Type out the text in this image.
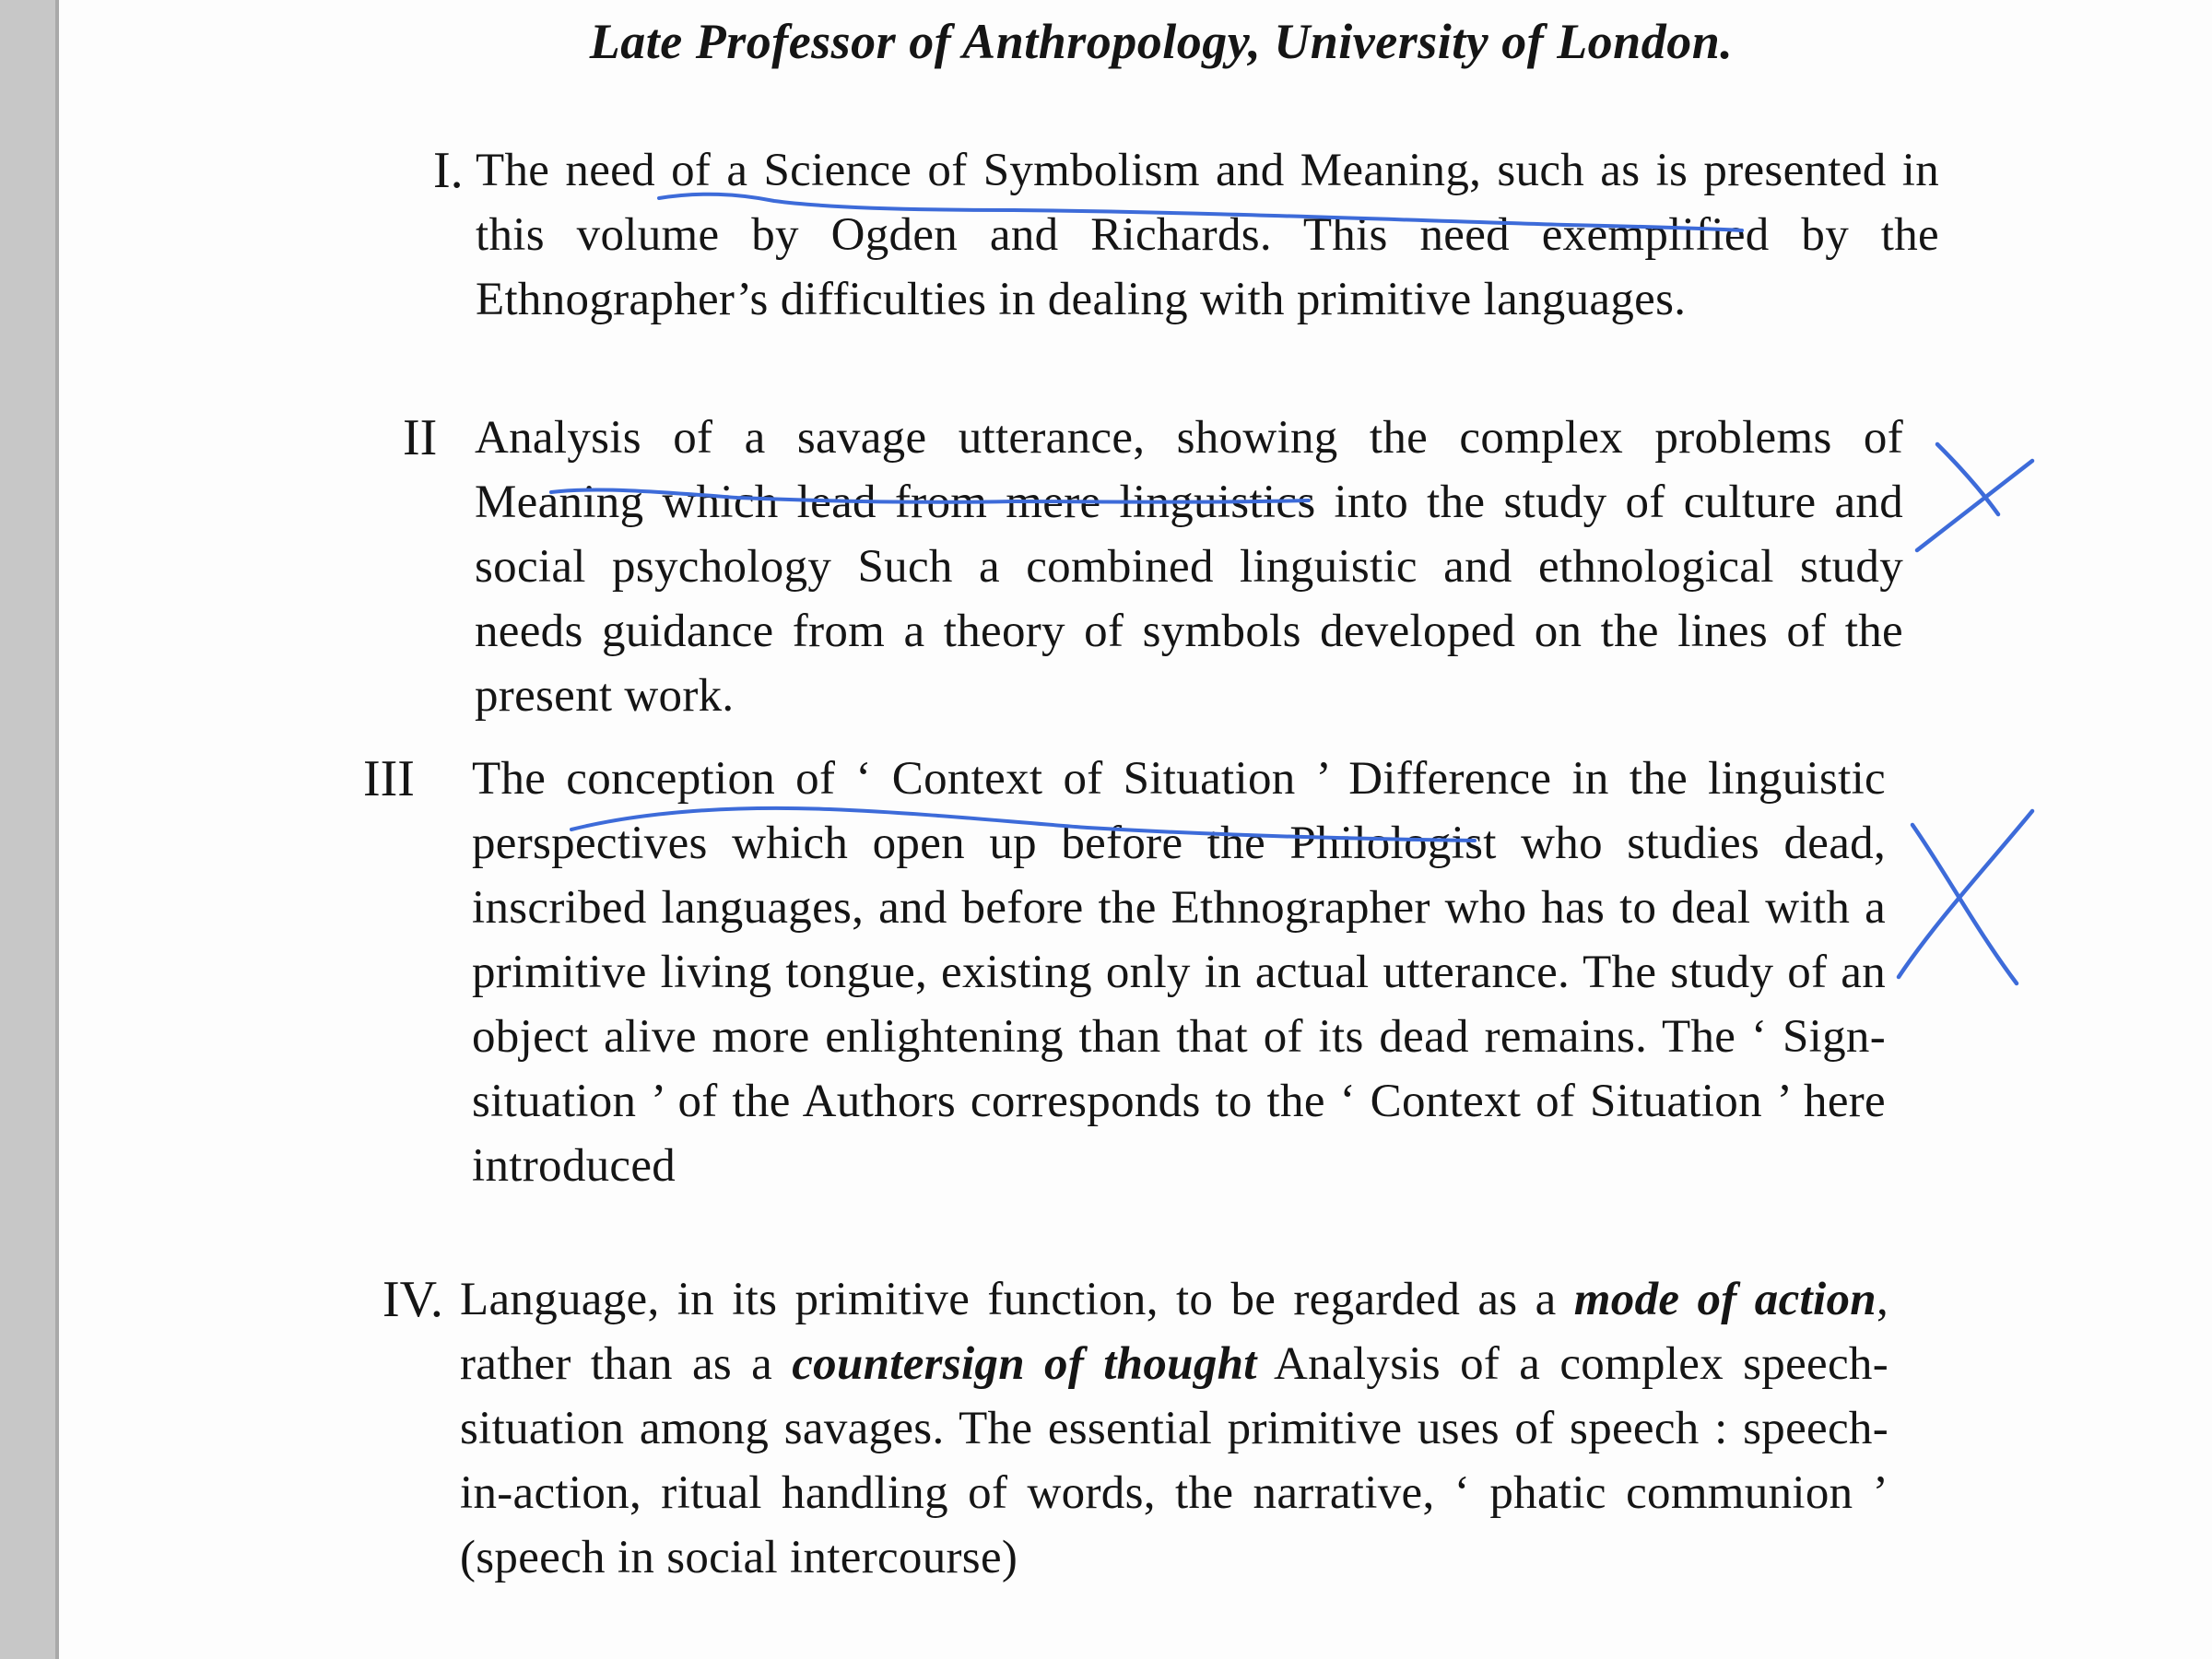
Late Professor of Anthropology, University of London.
I. The need of a Science of Symbolism and Meaning, such as is presented in this volume by Ogden and Richards. This need exemplified by the Ethnographer’s difficulties in dealing with primitive languages.
II Analysis of a savage utterance, showing the complex problems of Meaning which lead from mere linguistics into the study of culture and social psychology Such a combined linguistic and ethnological study needs guidance from a theory of symbols developed on the lines of the present work.
III The conception of ‘ Context of Situation ’ Difference in the linguistic perspectives which open up before the Philologist who studies dead, inscribed languages, and before the Ethnographer who has to deal with a primitive living tongue, existing only in actual utterance. The study of an object alive more enlightening than that of its dead remains. The ‘ Sign-situation ’ of the Authors corresponds to the ‘ Context of Situation ’ here introduced
IV. Language, in its primitive function, to be regarded as a mode of action, rather than as a countersign of thought Analysis of a complex speech-situation among savages. The essential primitive uses of speech : speech-in-action, ritual handling of words, the narrative, ‘ phatic communion ’ (speech in social intercourse)
